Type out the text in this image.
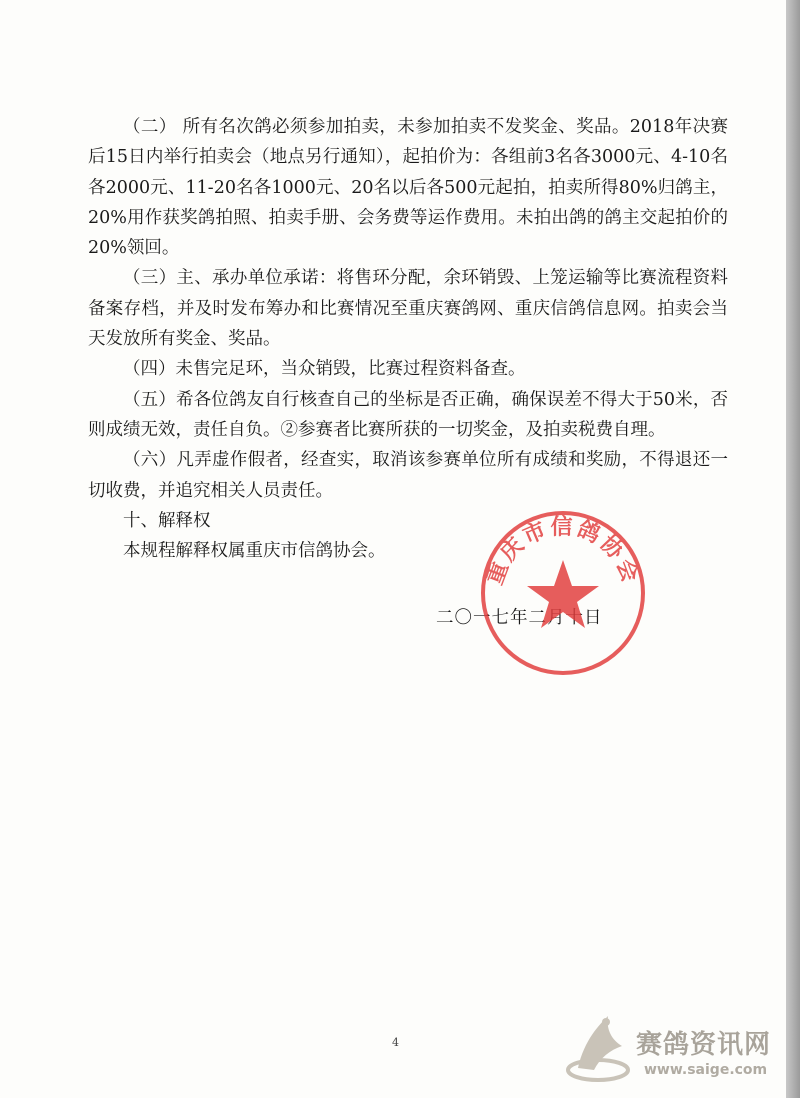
（二） 所有名次鸽必须参加拍卖，未参加拍卖不发奖金、奖品。2018年决赛后15日内举行拍卖会（地点另行通知），起拍价为：各组前3名各3000元、4-10名各2000元、11-20名各1000元、20名以后各500元起拍，拍卖所得80%归鸽主，20%用作获奖鸽拍照、拍卖手册、会务费等运作费用。未拍出鸽的鸽主交起拍价的20%领回。

（三）主、承办单位承诺：将售环分配，余环销毁、上笼运输等比赛流程资料备案存档，并及时发布筹办和比赛情况至重庆赛鸽网、重庆信鸽信息网。拍卖会当天发放所有奖金、奖品。

（四）未售完足环，当众销毁，比赛过程资料备查。

（五）希各位鸽友自行核查自己的坐标是否正确，确保误差不得大于50米，否则成绩无效，责任自负。②参赛者比赛所获的一切奖金，及拍卖税费自理。

（六）凡弄虚作假者，经查实，取消该参赛单位所有成绩和奖励，不得退还一切收费，并追究相关人员责任。

十、解释权

本规程解释权属重庆市信鸽协会。

二〇一七年二月十日
重庆市信鸽协会
4	赛鸽资讯网
www.saige.com
